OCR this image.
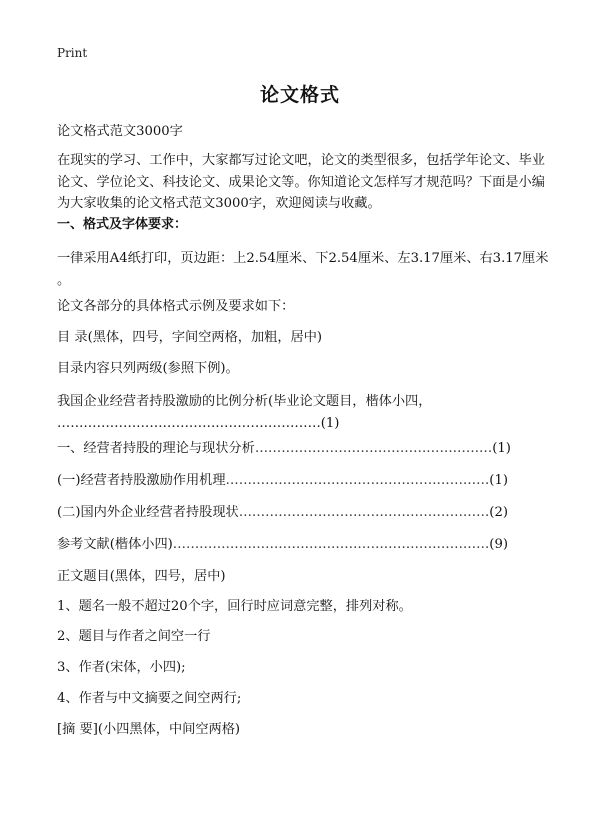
Print
论文格式
论文格式范文3000字
在现实的学习、工作中，大家都写过论文吧，论文的类型很多，包括学年论文、毕业论文、学位论文、科技论文、成果论文等。你知道论文怎样写才规范吗？下面是小编为大家收集的论文格式范文3000字，欢迎阅读与收藏。
一、格式及字体要求：
一律采用A4纸打印，页边距：上2.54厘米、下2.54厘米、左3.17厘米、右3.17厘米
。
论文各部分的具体格式示例及要求如下：
目 录(黑体，四号，字间空两格，加粗，居中)
目录内容只列两级(参照下例)。
我国企业经营者持股激励的比例分析(毕业论文题目，楷体小四，
……………………………………………………(1)
一、经营者持股的理论与现状分析………………………………………………(1)
(一)经营者持股激励作用机理……………………………………………………(1)
(二)国内外企业经营者持股现状…………………………………………………(2)
参考文献(楷体小四)………………………………………………………………(9)
正文题目(黑体，四号，居中)
1、题名一般不超过20个字，回行时应词意完整，排列对称。
2、题目与作者之间空一行
3、作者(宋体，小四);
4、作者与中文摘要之间空两行;
[摘 要](小四黑体，中间空两格)
